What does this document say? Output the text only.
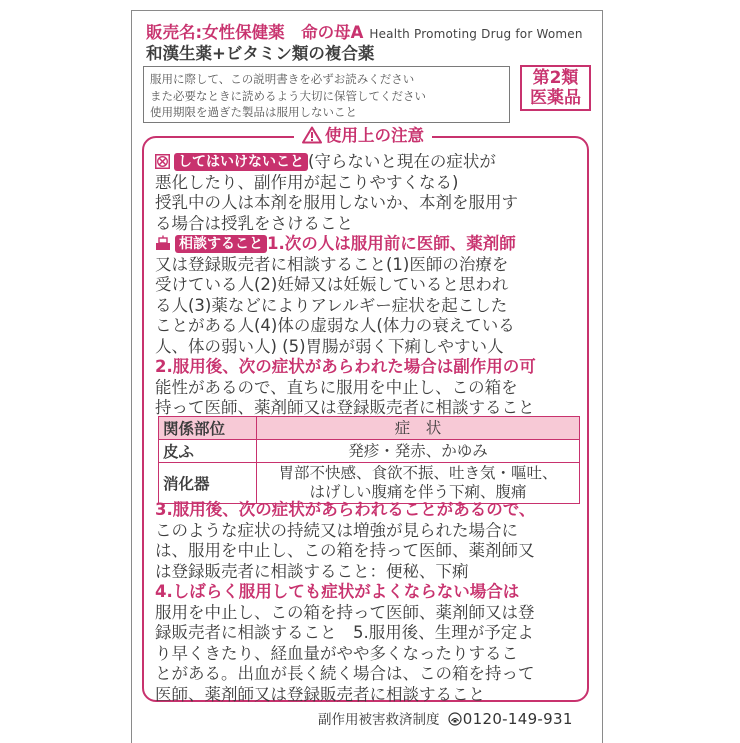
販売名:女性保健薬　命の母A Health Promoting Drug for Women
和漢生薬+ビタミン類の複合薬
服用に際して、この説明書きを必ずお読みください
また必要なときに読めるよう大切に保管してください
使用期限を過ぎた製品は服用しないこと
第2類
医薬品
使用上の注意
してはいけないこと (守らないと現在の症状が
悪化したり、副作用が起こりやすくなる)
授乳中の人は本剤を服用しないか、本剤を服用す
る場合は授乳をさけること
相談すること 1.次の人は服用前に医師、薬剤師
又は登録販売者に相談すること(1)医師の治療を
受けている人(2)妊婦又は妊娠していると思われ
る人(3)薬などによりアレルギー症状を起こした
ことがある人(4)体の虚弱な人(体力の衰えている
人、体の弱い人) (5)胃腸が弱く下痢しやすい人
2.服用後、次の症状があらわれた場合は副作用の可
能性があるので、直ちに服用を中止し、この箱を
持って医師、薬剤師又は登録販売者に相談すること
関係部位	症　状
皮ふ	発疹・発赤、かゆみ
消化器	胃部不快感、食欲不振、吐き気・嘔吐、
はげしい腹痛を伴う下痢、腹痛
3.服用後、次の症状があらわれることがあるので、
このような症状の持続又は増強が見られた場合に
は、服用を中止し、この箱を持って医師、薬剤師又
は登録販売者に相談すること：便秘、下痢
4.しばらく服用しても症状がよくならない場合は
服用を中止し、この箱を持って医師、薬剤師又は登
録販売者に相談すること　5.服用後、生理が予定よ
り早くきたり、経血量がやや多くなったりするこ
とがある。出血が長く続く場合は、この箱を持って
医師、薬剤師又は登録販売者に相談すること
副作用被害救済制度 0120-149-931
